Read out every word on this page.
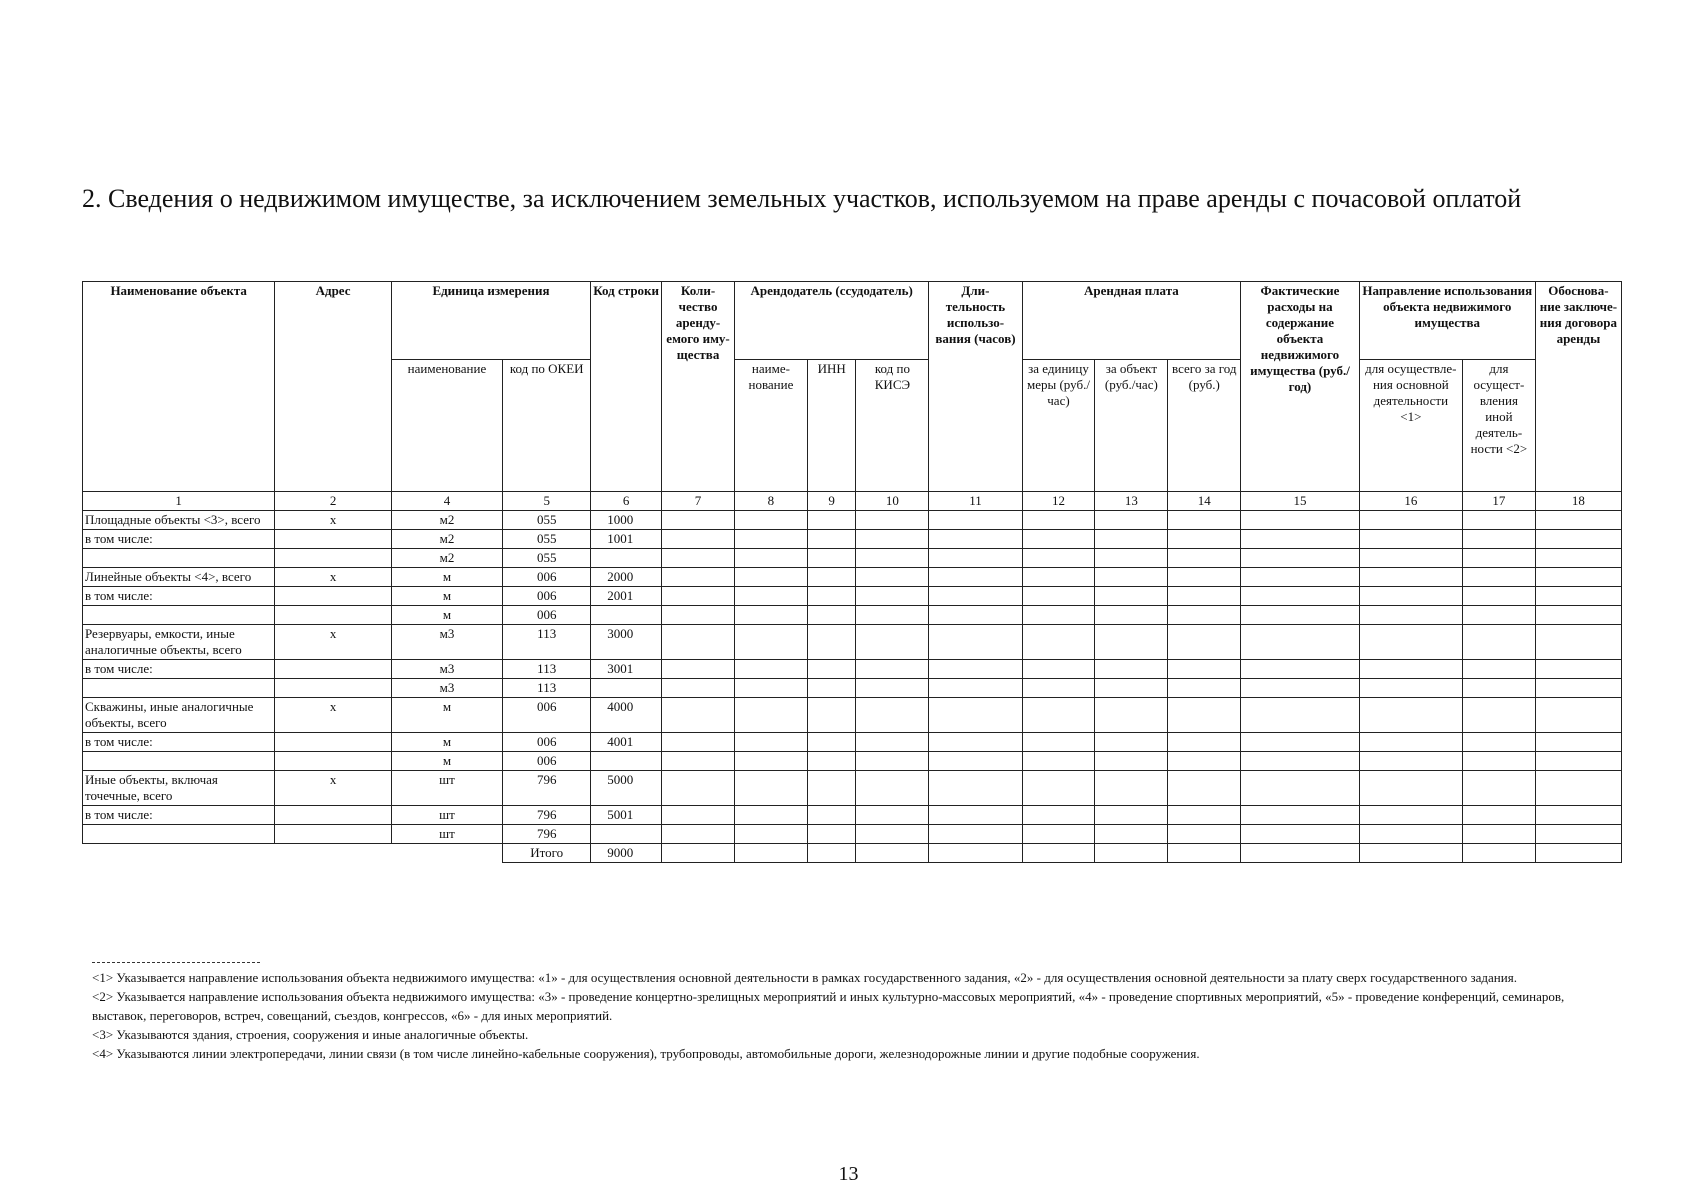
2. Сведения о недвижимом имуществе, за исключением земельных участков, используемом на праве аренды с почасовой оплатой
Наименование объекта	Адрес	Единица измерения		Код строки	Коли- чество аренду- емого иму- щества	Арендодатель (ссудодатель)			Дли- тельность использо- вания (часов)	Арендная плата			Фактические расходы на содержание объекта недвижимого имущества (руб./год)	Направление использования объекта недвижимого имущества		Обоснова- ние заключе- ния договора аренды
		наименование	код по ОКЕИ			наиме- нование	ИНН	код по КИСЭ		за единицу меры (руб./час)	за объект (руб./час)	всего за год (руб.)		для осуществле- ния основной деятельности <1>	для осущест- вления иной деятель- ности <2>	
1	2	4	5	6	7	8	9	10	11	12	13	14	15	16	17	18
Площадные объекты <3>, всего	х	м2	055	1000												
в том числе:		м2	055	1001												
		м2	055													
Линейные объекты <4>, всего	х	м	006	2000												
в том числе:		м	006	2001												
		м	006													
Резервуары, емкости, иные аналогичные объекты, всего	х	м3	113	3000												
в том числе:		м3	113	3001												
		м3	113													
Скважины, иные аналогичные объекты, всего	х	м	006	4000												
в том числе:		м	006	4001												
		м	006													
Иные объекты, включая точечные, всего	х	шт	796	5000												
в том числе:		шт	796	5001												
		шт	796													
			Итого	9000												

<1> Указывается направление использования объекта недвижимого имущества: «1» - для осуществления основной деятельности в рамках государственного задания, «2» - для осуществления основной деятельности за плату сверх государственного задания.

<2> Указывается направление использования объекта недвижимого имущества: «3» - проведение концертно-зрелищных мероприятий и иных культурно-массовых мероприятий, «4» - проведение спортивных мероприятий, «5» - проведение конференций, семинаров, выставок, переговоров, встреч, совещаний, съездов, конгрессов, «6» - для иных мероприятий.

<3> Указываются здания, строения, сооружения и иные аналогичные объекты.

<4> Указываются линии электропередачи, линии связи (в том числе линейно-кабельные сооружения), трубопроводы, автомобильные дороги, железнодорожные линии и другие подобные сооружения.

13
